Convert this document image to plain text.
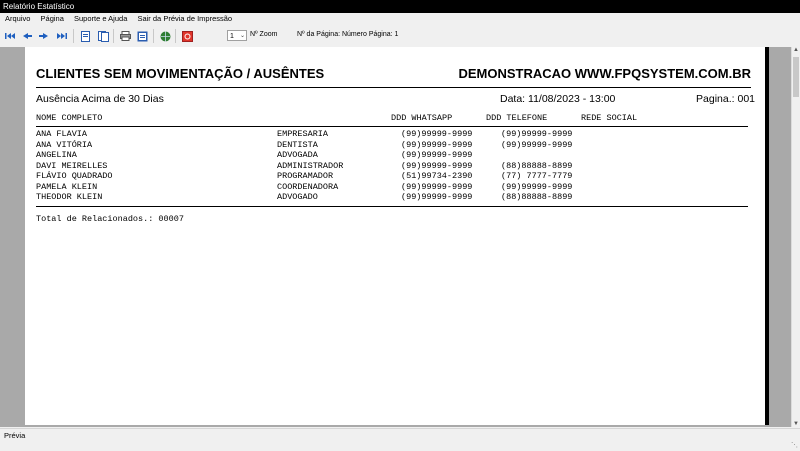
Relatório Estatístico
Arquivo Página Suporte e Ajuda Sair da Prévia de Impressão
1 ⌄ Nº Zoom	Nº da Página: Número Página: 1
CLIENTES SEM MOVIMENTAÇÃO / AUSÊNTES	DEMONSTRACAO WWW.FPQSYSTEM.COM.BR
Ausência Acima de 30 Dias	Data: 11/08/2023 - 13:00	Pagina.: 001
NOME COMPLETO	DDD WHATSAPP	DDD TELEFONE	REDE SOCIAL
ANA FLAVIA	EMPRESARIA	(99)99999-9999	(99)99999-9999
ANA VITÓRIA	DENTISTA	(99)99999-9999	(99)99999-9999
ANGELINA	ADVOGADA	(99)99999-9999
DAVI MEIRELLES	ADMINISTRADOR	(99)99999-9999	(88)88888-8899
FLÁVIO QUADRADO	PROGRAMADOR	(51)99734-2390	(77) 7777-7779
PAMELA KLEIN	COORDENADORA	(99)99999-9999	(99)99999-9999
THEODOR KLEIN	ADVOGADO	(99)99999-9999	(88)88888-8899
Total de Relacionados.: 00007
▲
▼
Prévia
⋱
